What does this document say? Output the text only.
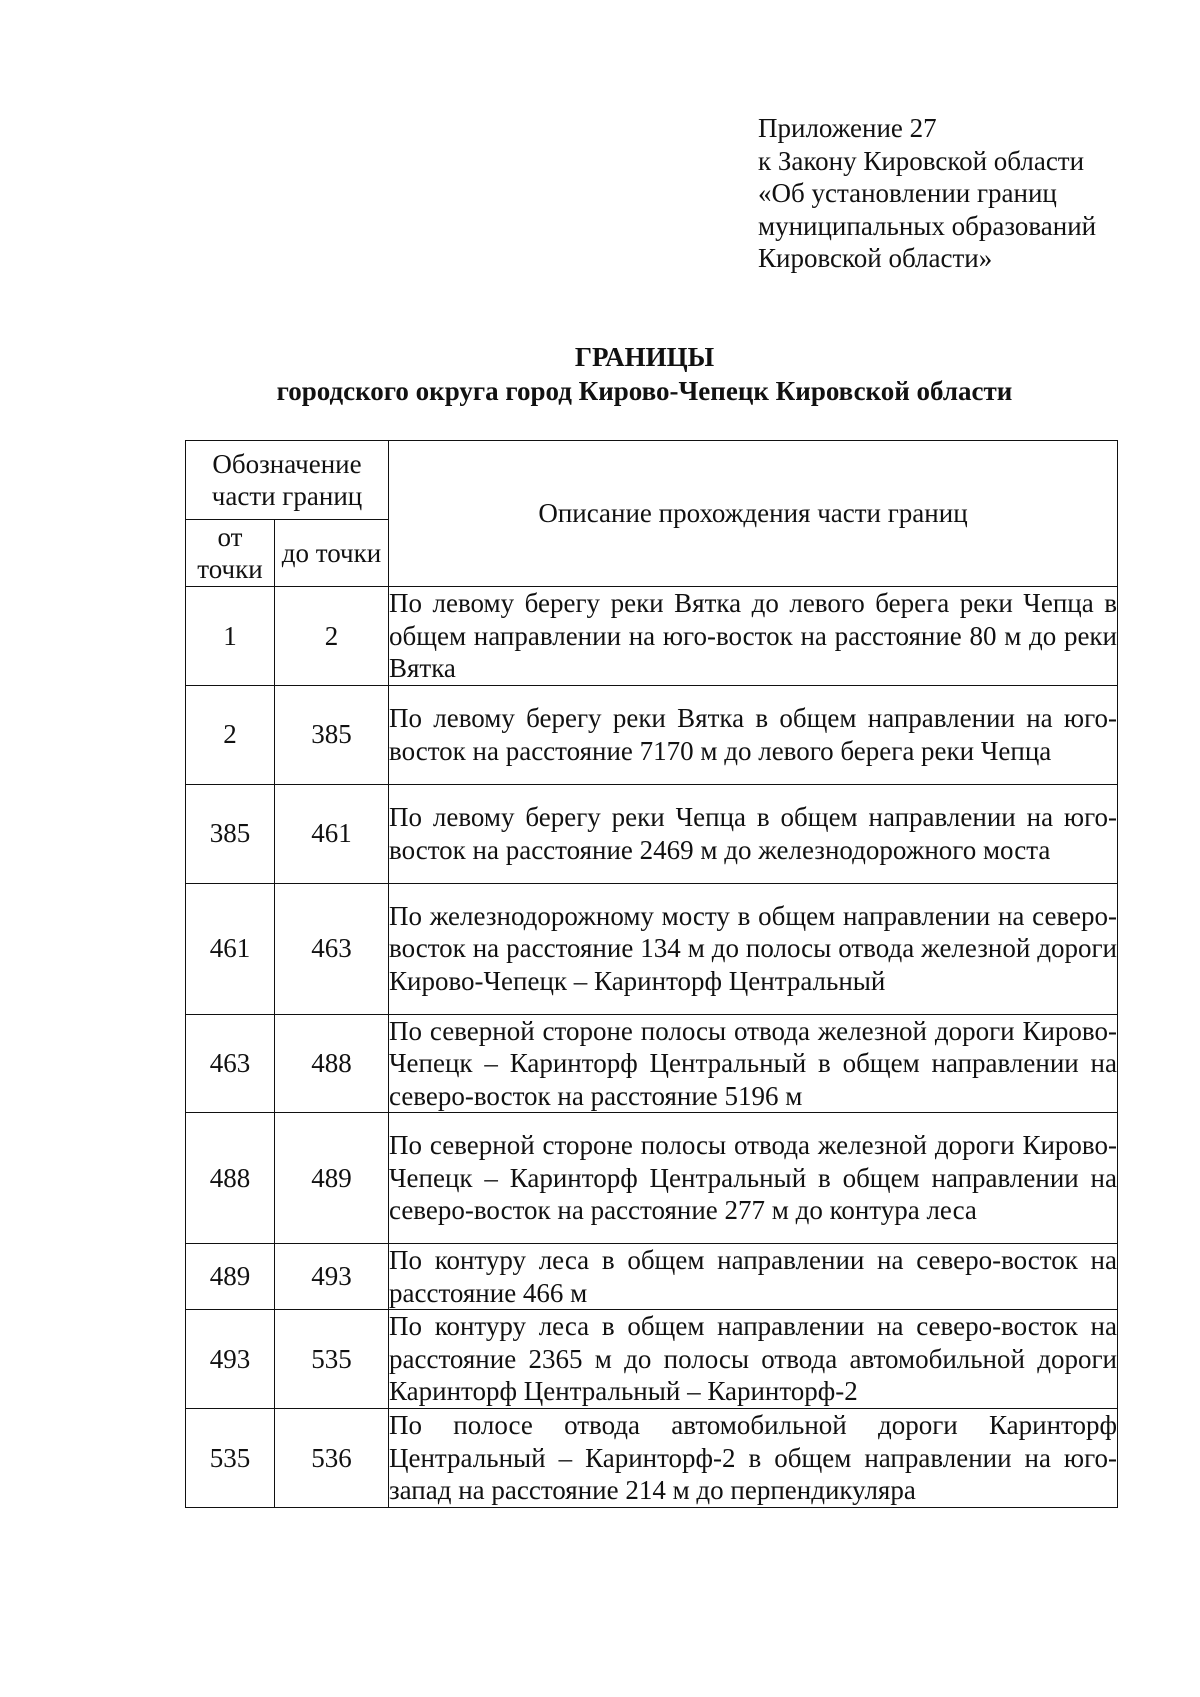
Приложение 27
к Закону Кировской области
«Об установлении границ
муниципальных образований
Кировской области»
ГРАНИЦЫ
городского округа город Кирово-Чепецк Кировской области
Обозначение части границ		Описание прохождения части границ
от точки	до точки	
1	2	По левому берегу реки Вятка до левого берега реки Чепца в общем направлении на юго-восток на расстояние 80 м до реки Вятка
2	385	По левому берегу реки Вятка в общем направлении на юго-восток на расстояние 7170 м до левого берега реки Чепца
385	461	По левому берегу реки Чепца в общем направлении на юго-восток на расстояние 2469 м до железнодорожного моста
461	463	По железнодорожному мосту в общем направлении на северо-восток на расстояние 134 м до полосы отвода железной дороги Кирово-Чепецк – Каринторф Центральный
463	488	По северной стороне полосы отвода железной дороги Кирово-Чепецк – Каринторф Центральный в общем направлении на северо-восток на расстояние 5196 м
488	489	По северной стороне полосы отвода железной дороги Кирово-Чепецк – Каринторф Центральный в общем направлении на северо-восток на расстояние 277 м до контура леса
489	493	По контуру леса в общем направлении на северо-восток на расстояние 466 м
493	535	По контуру леса в общем направлении на северо-восток на расстояние 2365 м до полосы отвода автомобильной дороги Каринторф Центральный – Каринторф-2
535	536	По полосе отвода автомобильной дороги Каринторф Центральный – Каринторф-2 в общем направлении на юго-запад на расстояние 214 м до перпендикуляра
